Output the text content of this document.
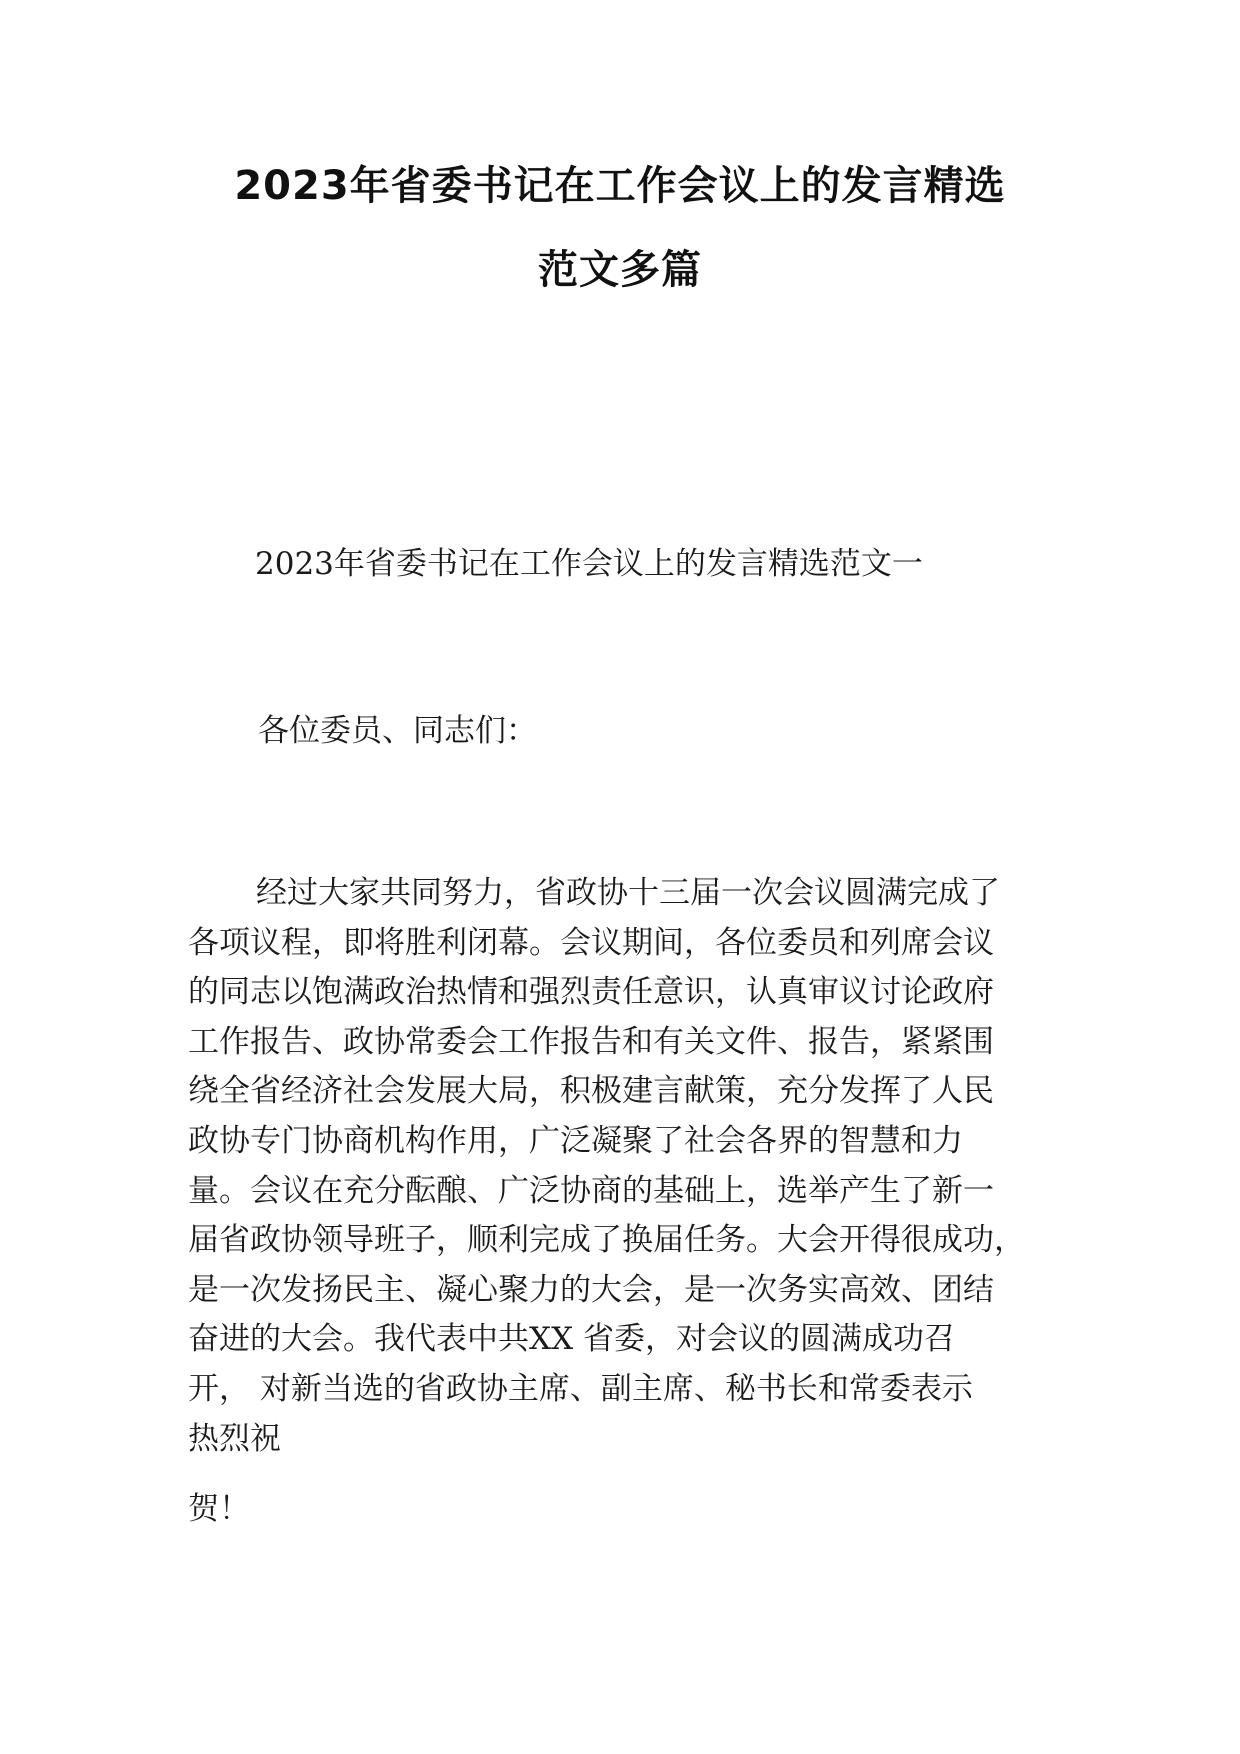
2023年省委书记在工作会议上的发言精选
范文多篇
2023年省委书记在工作会议上的发言精选范文一
各位委员、同志们：
经过大家共同努力，省政协十三届一次会议圆满完成了
各项议程，即将胜利闭幕。会议期间，各位委员和列席会议
的同志以饱满政治热情和强烈责任意识，认真审议讨论政府
工作报告、政协常委会工作报告和有关文件、报告，紧紧围
绕全省经济社会发展大局，积极建言献策，充分发挥了人民
政协专门协商机构作用，广泛凝聚了社会各界的智慧和力
量。会议在充分酝酿、广泛协商的基础上，选举产生了新一
届省政协领导班子，顺利完成了换届任务。大会开得很成功，
是一次发扬民主、凝心聚力的大会，是一次务实高效、团结
奋进的大会。我代表中共XX 省委，对会议的圆满成功召
开， 对新当选的省政协主席、副主席、秘书长和常委表示
热烈祝
贺！
